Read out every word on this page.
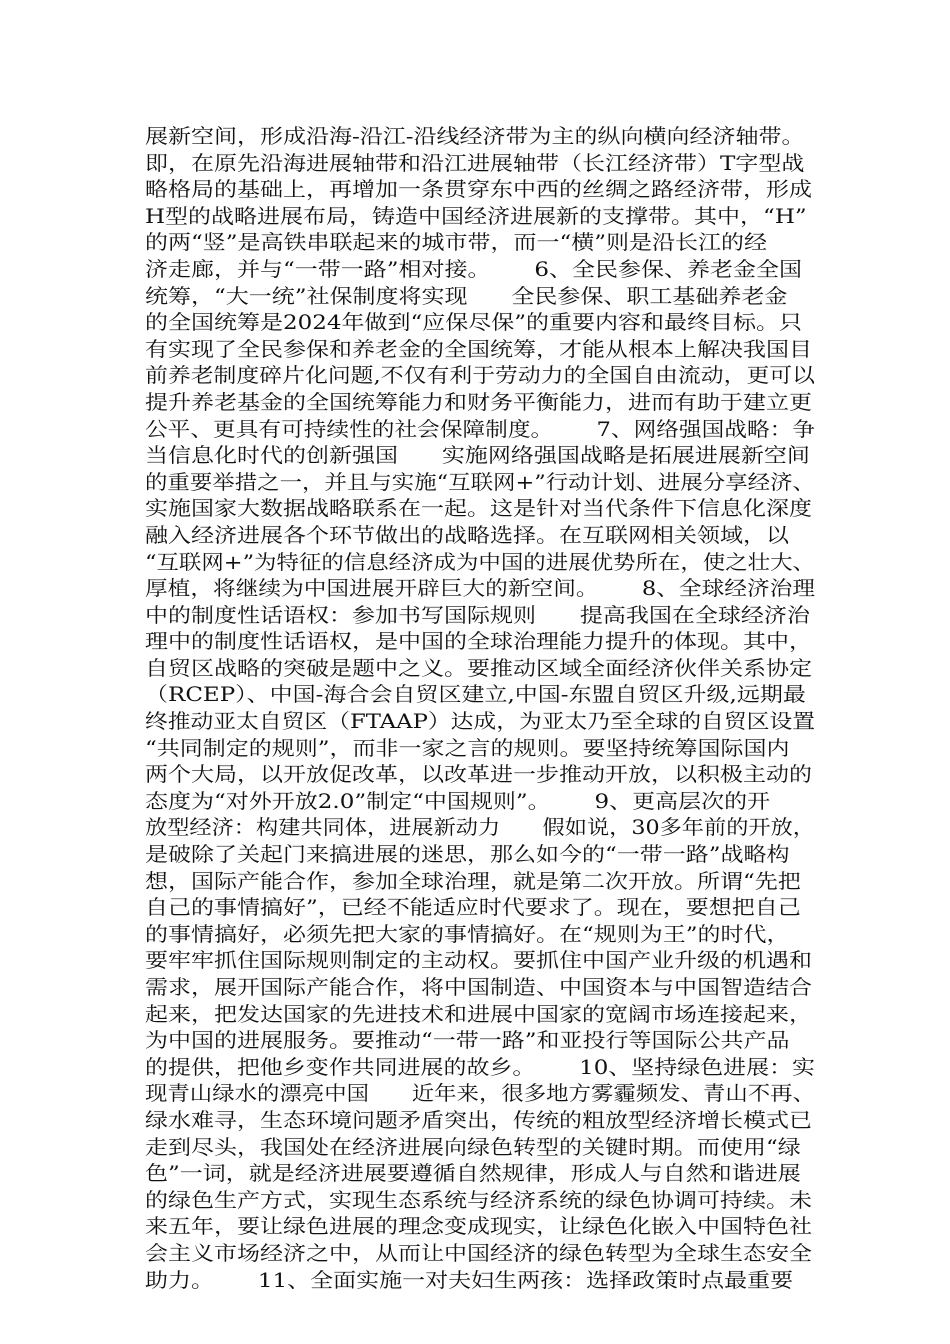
展新空间，形成沿海-沿江-沿线经济带为主的纵向横向经济轴带。
即，在原先沿海进展轴带和沿江进展轴带（长江经济带）T字型战
略格局的基础上，再增加一条贯穿东中西的丝绸之路经济带，形成
H型的战略进展布局，铸造中国经济进展新的支撑带。其中，“H”
的两“竖”是高铁串联起来的城市带，而一“横”则是沿长江的经
济走廊，并与“一带一路”相对接。      6、全民参保、养老金全国
统筹，“大一统”社保制度将实现      全民参保、职工基础养老金
的全国统筹是2024年做到“应保尽保”的重要内容和最终目标。只
有实现了全民参保和养老金的全国统筹，才能从根本上解决我国目
前养老制度碎片化问题,不仅有利于劳动力的全国自由流动，更可以
提升养老基金的全国统筹能力和财务平衡能力，进而有助于建立更
公平、更具有可持续性的社会保障制度。      7、网络强国战略：争
当信息化时代的创新强国      实施网络强国战略是拓展进展新空间
的重要举措之一，并且与实施“互联网+”行动计划、进展分享经济、
实施国家大数据战略联系在一起。这是针对当代条件下信息化深度
融入经济进展各个环节做出的战略选择。在互联网相关领域，以
“互联网+”为特征的信息经济成为中国的进展优势所在，使之壮大、
厚植，将继续为中国进展开辟巨大的新空间。      8、全球经济治理
中的制度性话语权：参加书写国际规则      提高我国在全球经济治
理中的制度性话语权，是中国的全球治理能力提升的体现。其中，
自贸区战略的突破是题中之义。要推动区域全面经济伙伴关系协定
（RCEP）、中国-海合会自贸区建立,中国-东盟自贸区升级,远期最
终推动亚太自贸区（FTAAP）达成，为亚太乃至全球的自贸区设置
“共同制定的规则”，而非一家之言的规则。要坚持统筹国际国内
两个大局，以开放促改革，以改革进一步推动开放，以积极主动的
态度为“对外开放2.0”制定“中国规则”。      9、更高层次的开
放型经济：构建共同体，进展新动力      假如说，30多年前的开放，
是破除了关起门来搞进展的迷思，那么如今的“一带一路”战略构
想，国际产能合作，参加全球治理，就是第二次开放。所谓“先把
自己的事情搞好”，已经不能适应时代要求了。现在，要想把自己
的事情搞好，必须先把大家的事情搞好。在“规则为王”的时代，
要牢牢抓住国际规则制定的主动权。要抓住中国产业升级的机遇和
需求，展开国际产能合作，将中国制造、中国资本与中国智造结合
起来，把发达国家的先进技术和进展中国家的宽阔市场连接起来，
为中国的进展服务。要推动“一带一路”和亚投行等国际公共产品
的提供，把他乡变作共同进展的故乡。      10、坚持绿色进展：实
现青山绿水的漂亮中国      近年来，很多地方雾霾频发、青山不再、
绿水难寻，生态环境问题矛盾突出，传统的粗放型经济增长模式已
走到尽头，我国处在经济进展向绿色转型的关键时期。而使用“绿
色”一词，就是经济进展要遵循自然规律，形成人与自然和谐进展
的绿色生产方式，实现生态系统与经济系统的绿色协调可持续。未
来五年，要让绿色进展的理念变成现实，让绿色化嵌入中国特色社
会主义市场经济之中，从而让中国经济的绿色转型为全球生态安全
助力。      11、全面实施一对夫妇生两孩：选择政策时点最重要
